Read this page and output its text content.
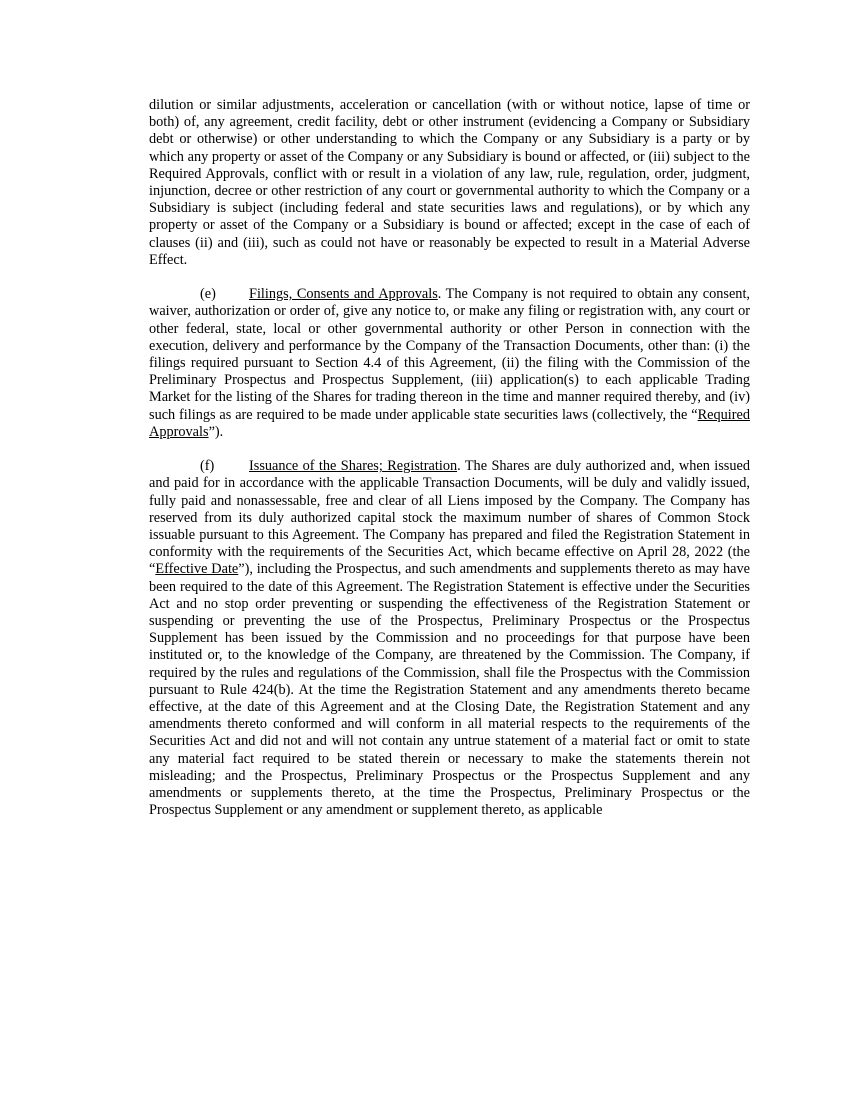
dilution or similar adjustments, acceleration or cancellation (with or without notice, lapse of time or both) of, any agreement, credit facility, debt or other instrument (evidencing a Company or Subsidiary debt or otherwise) or other understanding to which the Company or any Subsidiary is a party or by which any property or asset of the Company or any Subsidiary is bound or affected, or (iii) subject to the Required Approvals, conflict with or result in a violation of any law, rule, regulation, order, judgment, injunction, decree or other restriction of any court or governmental authority to which the Company or a Subsidiary is subject (including federal and state securities laws and regulations), or by which any property or asset of the Company or a Subsidiary is bound or affected; except in the case of each of clauses (ii) and (iii), such as could not have or reasonably be expected to result in a Material Adverse Effect.

(e) Filings, Consents and Approvals. The Company is not required to obtain any consent, waiver, authorization or order of, give any notice to, or make any filing or registration with, any court or other federal, state, local or other governmental authority or other Person in connection with the execution, delivery and performance by the Company of the Transaction Documents, other than: (i) the filings required pursuant to Section 4.4 of this Agreement, (ii) the filing with the Commission of the Preliminary Prospectus and Prospectus Supplement, (iii) application(s) to each applicable Trading Market for the listing of the Shares for trading thereon in the time and manner required thereby, and (iv) such filings as are required to be made under applicable state securities laws (collectively, the “Required Approvals”).

(f) Issuance of the Shares; Registration. The Shares are duly authorized and, when issued and paid for in accordance with the applicable Transaction Documents, will be duly and validly issued, fully paid and nonassessable, free and clear of all Liens imposed by the Company. The Company has reserved from its duly authorized capital stock the maximum number of shares of Common Stock issuable pursuant to this Agreement. The Company has prepared and filed the Registration Statement in conformity with the requirements of the Securities Act, which became effective on April 28, 2022 (the “Effective Date”), including the Prospectus, and such amendments and supplements thereto as may have been required to the date of this Agreement. The Registration Statement is effective under the Securities Act and no stop order preventing or suspending the effectiveness of the Registration Statement or suspending or preventing the use of the Prospectus, Preliminary Prospectus or the Prospectus Supplement has been issued by the Commission and no proceedings for that purpose have been instituted or, to the knowledge of the Company, are threatened by the Commission. The Company, if required by the rules and regulations of the Commission, shall file the Prospectus with the Commission pursuant to Rule 424(b). At the time the Registration Statement and any amendments thereto became effective, at the date of this Agreement and at the Closing Date, the Registration Statement and any amendments thereto conformed and will conform in all material respects to the requirements of the Securities Act and did not and will not contain any untrue statement of a material fact or omit to state any material fact required to be stated therein or necessary to make the statements therein not misleading; and the Prospectus, Preliminary Prospectus or the Prospectus Supplement and any amendments or supplements thereto, at the time the Prospectus, Preliminary Prospectus or the Prospectus Supplement or any amendment or supplement thereto, as applicable
